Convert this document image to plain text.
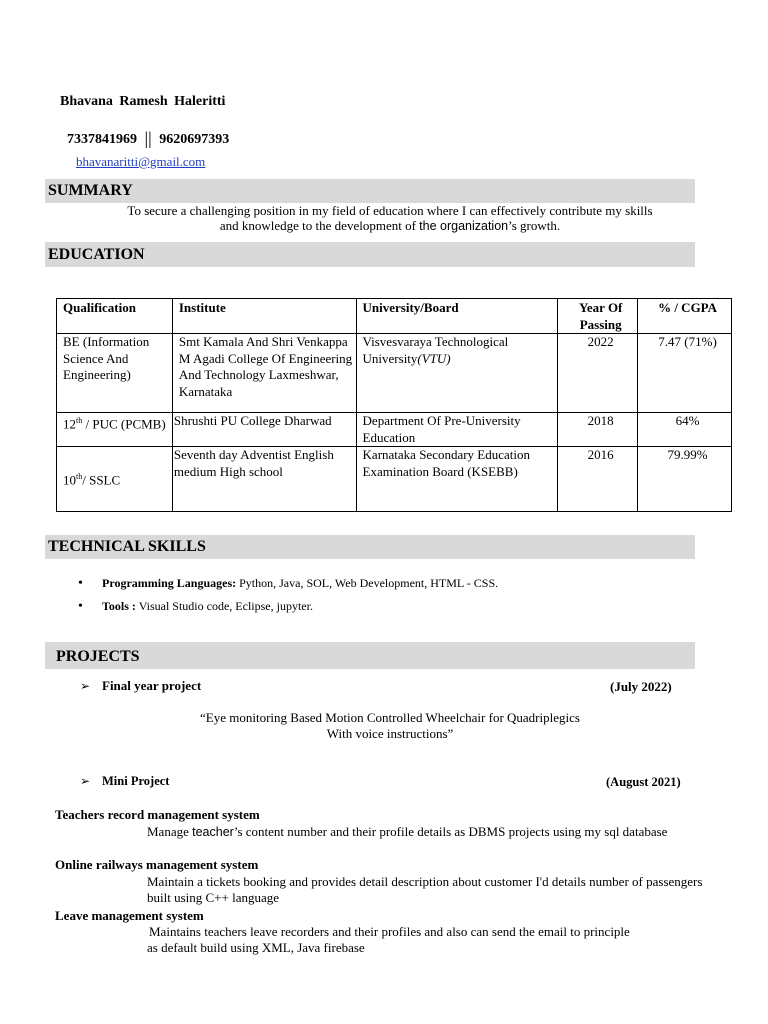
Bhavana Ramesh Haleritti
7337841969 || 9620697393
bhavanaritti@gmail.com
SUMMARY
To secure a challenging position in my field of education where I can effectively contribute my skills
and knowledge to the development of the organization’s growth.
EDUCATION
Qualification	Institute	University/Board	Year Of Passing	% / CGPA
BE (Information Science And Engineering)	Smt Kamala And Shri Venkappa M Agadi College Of Engineering And Technology Laxmeshwar, Karnataka	Visvesvaraya Technological University(VTU)	2022	7.47 (71%)
12th / PUC (PCMB)	Shrushti PU College Dharwad	Department Of Pre-University Education	2018	64%
10th/ SSLC	Seventh day Adventist English medium High school	Karnataka Secondary Education Examination Board (KSEBB)	2016	79.99%
TECHNICAL SKILLS
• Programming Languages: Python, Java, SOL, Web Development, HTML - CSS.
• Tools : Visual Studio code, Eclipse, jupyter.
PROJECTS
➢ Final year project	(July 2022)
“Eye monitoring Based Motion Controlled Wheelchair for Quadriplegics
With voice instructions”
➢ Mini Project	(August 2021)
Teachers record management system
Manage teacher’s content number and their profile details as DBMS projects using my sql database
Online railways management system
Maintain a tickets booking and provides detail description about customer I'd details number of passengers built using C++ language
Leave management system
Maintains teachers leave recorders and their profiles and also can send the email to principle
as default build using XML, Java firebase
